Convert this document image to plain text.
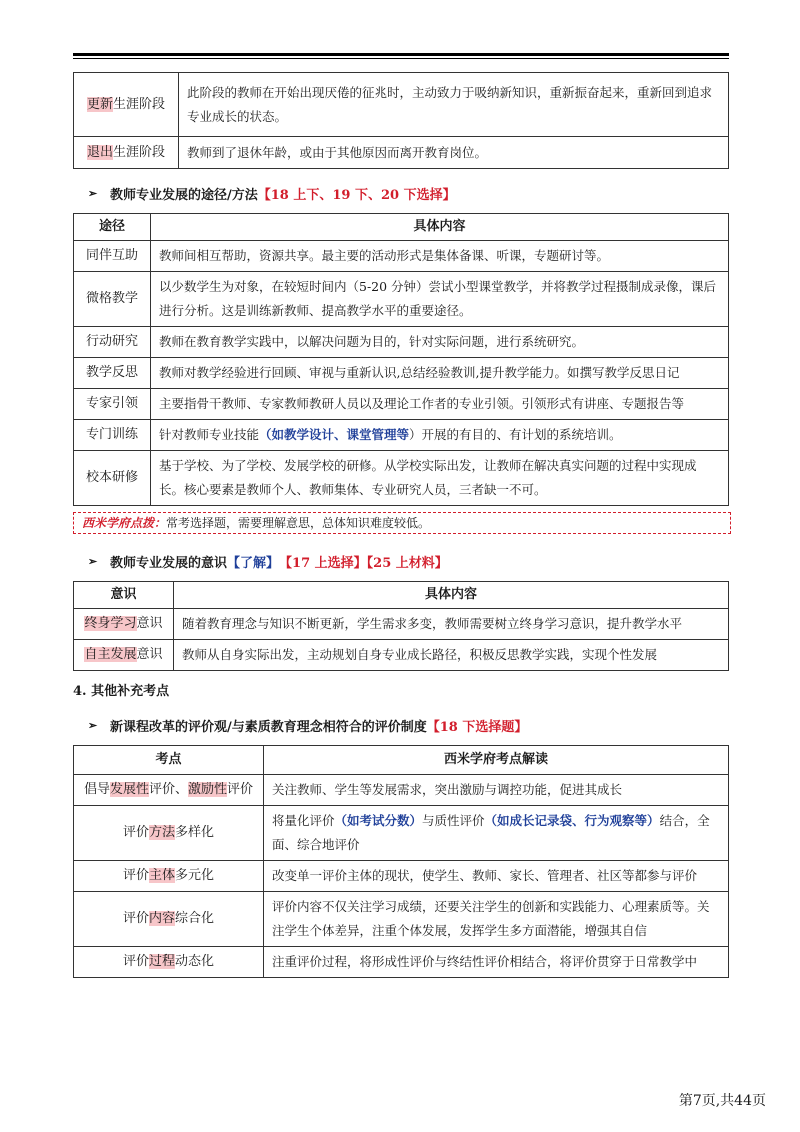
更新生涯阶段	此阶段的教师在开始出现厌倦的征兆时，主动致力于吸纳新知识，重新振奋起来，重新回到追求专业成长的状态。
退出生涯阶段	教师到了退休年龄，或由于其他原因而离开教育岗位。
➢ 教师专业发展的途径/方法 【18 上下、19 下、20 下选择】
途径	具体内容
同伴互助	教师间相互帮助，资源共享。最主要的活动形式是集体备课、听课，专题研讨等。
微格教学	以少数学生为对象，在较短时间内（5-20 分钟）尝试小型课堂教学，并将教学过程摄制成录像，课后进行分析。这是训练新教师、提高教学水平的重要途径。
行动研究	教师在教育教学实践中，以解决问题为目的，针对实际问题，进行系统研究。
教学反思	教师对教学经验进行回顾、审视与重新认识,总结经验教训,提升教学能力。如撰写教学反思日记
专家引领	主要指骨干教师、专家教师教研人员以及理论工作者的专业引领。引领形式有讲座、专题报告等
专门训练	针对教师专业技能（如教学设计、课堂管理等）开展的有目的、有计划的系统培训。
校本研修	基于学校、为了学校、发展学校的研修。从学校实际出发，让教师在解决真实问题的过程中实现成长。核心要素是教师个人、教师集体、专业研究人员，三者缺一不可。
西米学府点拨：常考选择题，需要理解意思，总体知识难度较低。
➢ 教师专业发展的意识 【了解】 【17 上选择】【25 上材料】
意识	具体内容
终身学习意识	随着教育理念与知识不断更新，学生需求多变，教师需要树立终身学习意识，提升教学水平
自主发展意识	教师从自身实际出发，主动规划自身专业成长路径，积极反思教学实践，实现个性发展
4. 其他补充考点
➢ 新课程改革的评价观/与素质教育理念相符合的评价制度 【18 下选择题】
考点	西米学府考点解读
倡导发展性评价、激励性评价	关注教师、学生等发展需求，突出激励与调控功能，促进其成长
评价方法多样化	将量化评价（如考试分数）与质性评价（如成长记录袋、行为观察等）结合，全面、综合地评价
评价主体多元化	改变单一评价主体的现状，使学生、教师、家长、管理者、社区等都参与评价
评价内容综合化	评价内容不仅关注学习成绩，还要关注学生的创新和实践能力、心理素质等。关注学生个体差异，注重个体发展，发挥学生多方面潜能，增强其自信
评价过程动态化	注重评价过程，将形成性评价与终结性评价相结合，将评价贯穿于日常教学中
第7页,共44页
